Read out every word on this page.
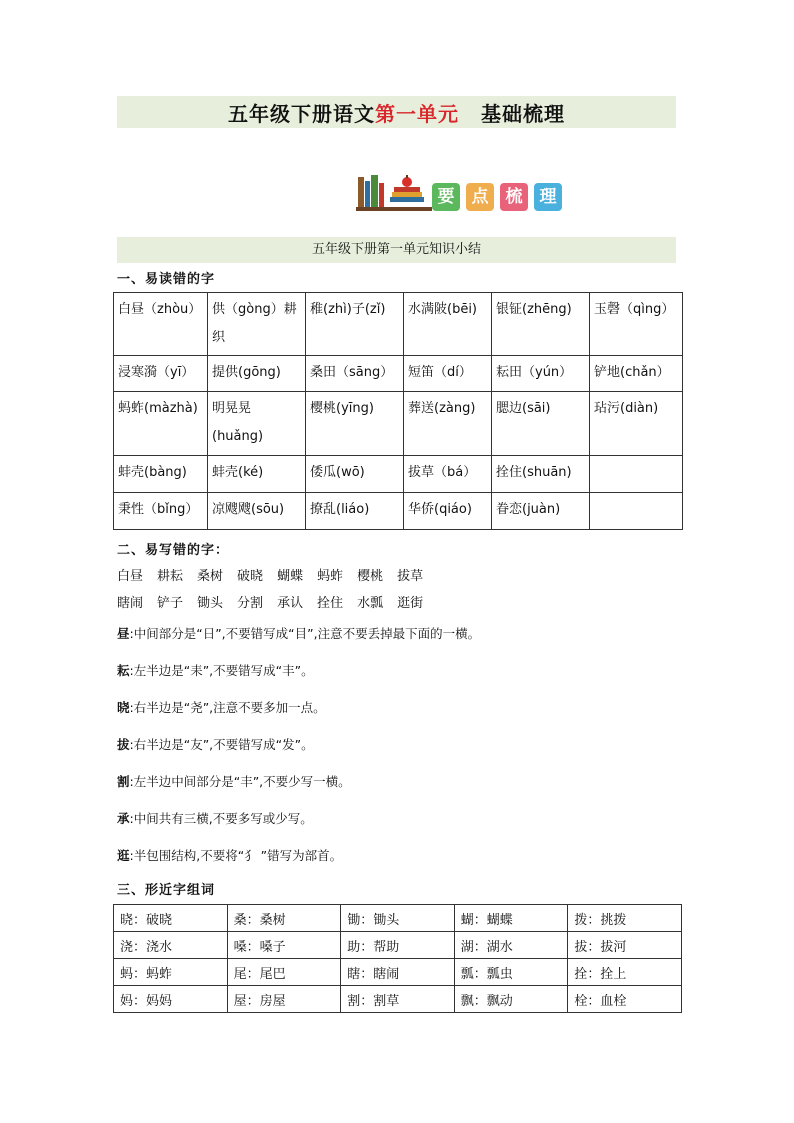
五年级下册语文 第一单元 基础梳理
要	点	梳	理
五年级下册第一单元知识小结
一、易读错的字
白昼（zhòu）	供（gòng）耕织	稚(zhì)子(zǐ)	水满陂(bēi)	银钲(zhēng)	玉磬（qìng）
浸寒漪（yī）	提供(gōng)	桑田（sāng）	短笛（dí）	耘田（yún）	铲地(chǎn）
蚂蚱(màzhà)	明晃晃(huǎng)	樱桃(yīng)	葬送(zàng)	腮边(sāi)	玷污(diàn)
蚌壳(bàng)	蚌壳(ké)	倭瓜(wō)	拔草（bá）	拴住(shuān)	
秉性（bǐng）	凉飕飕(sōu)	撩乱(liáo)	华侨(qiáo)	眷恋(juàn)	
二、易写错的字：
白昼 耕耘 桑树 破晓 蝴蝶 蚂蚱 樱桃 拔草
瞎闹 铲子 锄头 分割 承认 拴住 水瓢 逛街
昼:中间部分是“日”,不要错写成“目”,注意不要丢掉最下面的一横。
耘:左半边是“耒”,不要错写成“丰”。
晓:右半边是“尧”,注意不要多加一点。
拔:右半边是“友”,不要错写成“发”。
割:左半边中间部分是“丰”,不要少写一横。
承:中间共有三横,不要多写或少写。
逛:半包围结构,不要将“犭 ”错写为部首。
三、形近字组词
晓：破晓	桑：桑树	锄：锄头	蝴：蝴蝶	拨：挑拨
浇：浇水	嗓：嗓子	助：帮助	湖：湖水	拔：拔河
蚂：蚂蚱	尾：尾巴	瞎：瞎闹	瓢：瓢虫	拴：拴上
妈：妈妈	屋：房屋	割：割草	飘：飘动	栓：血栓
